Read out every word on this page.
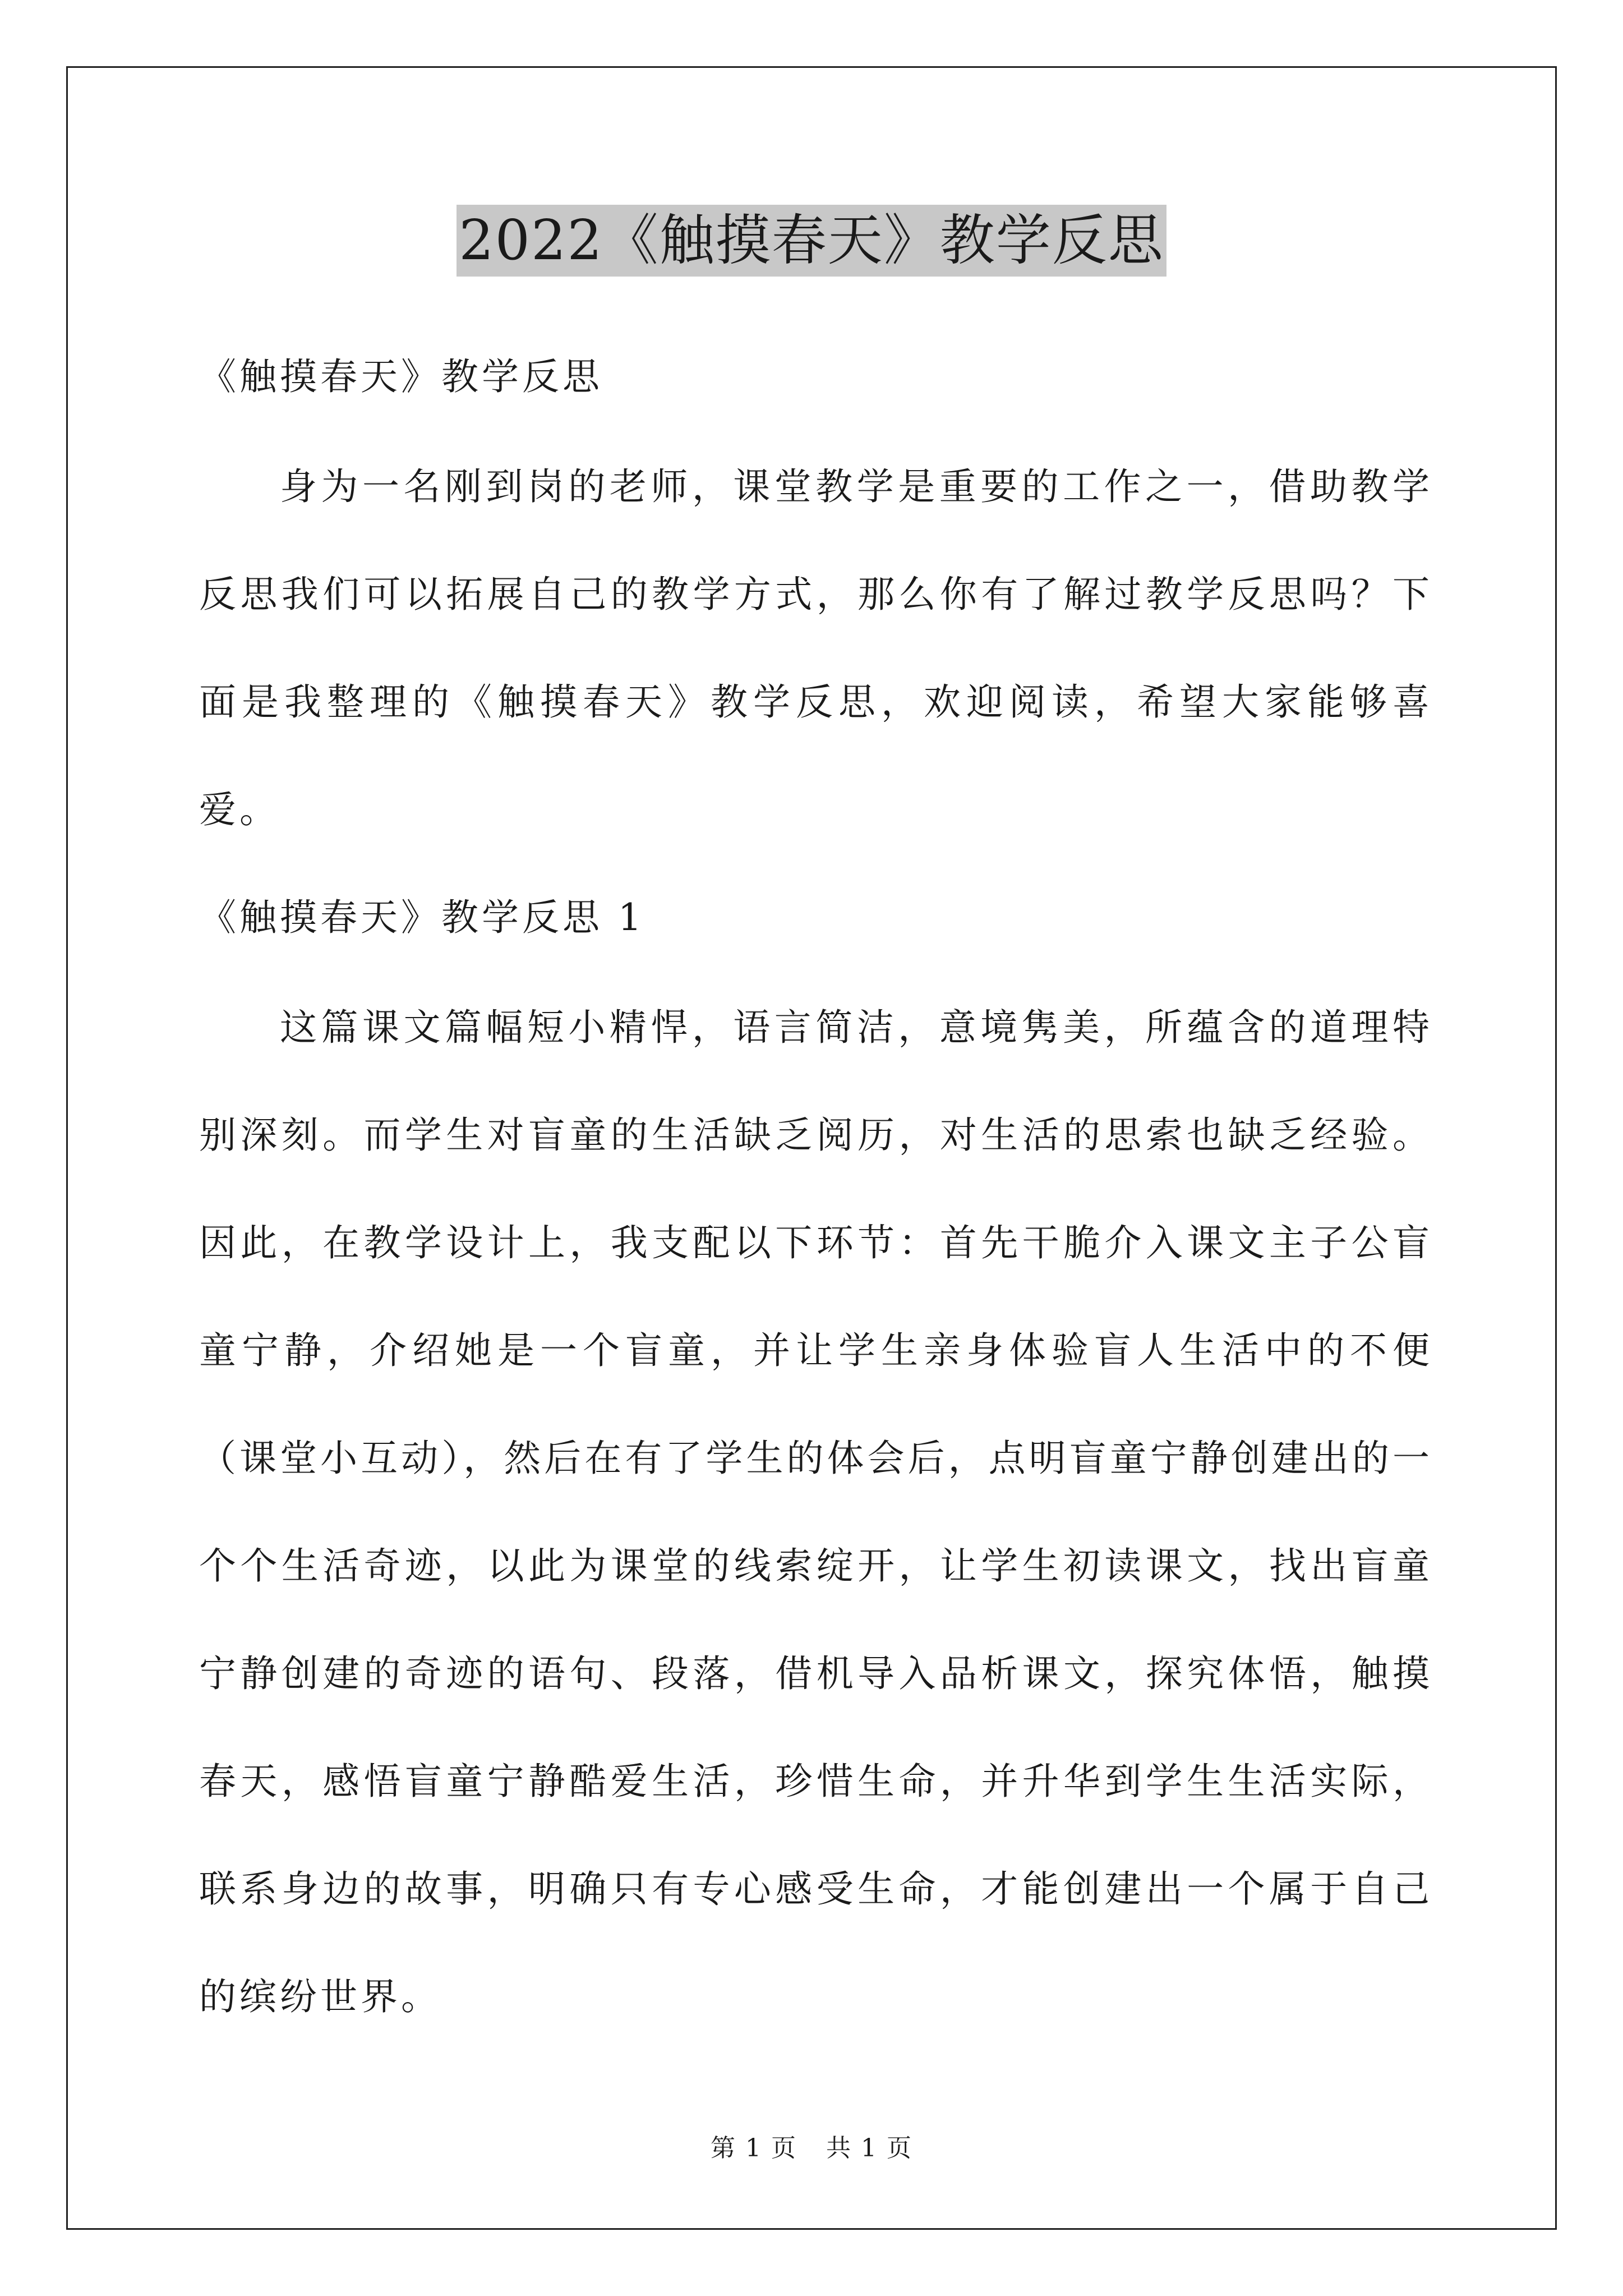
2022《触摸春天》教学反思
《触摸春天》教学反思
身为一名刚到岗的老师，课堂教学是重要的工作之一，借助教学反思我们可以拓展自己的教学方式，那么你有了解过教学反思吗？下面是我整理的《触摸春天》教学反思，欢迎阅读，希望大家能够喜爱。
《触摸春天》教学反思 1
这篇课文篇幅短小精悍，语言简洁，意境隽美，所蕴含的道理特别深刻。而学生对盲童的生活缺乏阅历，对生活的思索也缺乏经验。因此，在教学设计上，我支配以下环节：首先干脆介入课文主子公盲童宁静，介绍她是一个盲童，并让学生亲身体验盲人生活中的不便（课堂小互动），然后在有了学生的体会后，点明盲童宁静创建出的一个个生活奇迹，以此为课堂的线索绽开，让学生初读课文，找出盲童宁静创建的奇迹的语句、段落，借机导入品析课文，探究体悟，触摸春天，感悟盲童宁静酷爱生活，珍惜生命，并升华到学生生活实际，联系身边的故事，明确只有专心感受生命，才能创建出一个属于自己的缤纷世界。
第 1 页 共 1 页
